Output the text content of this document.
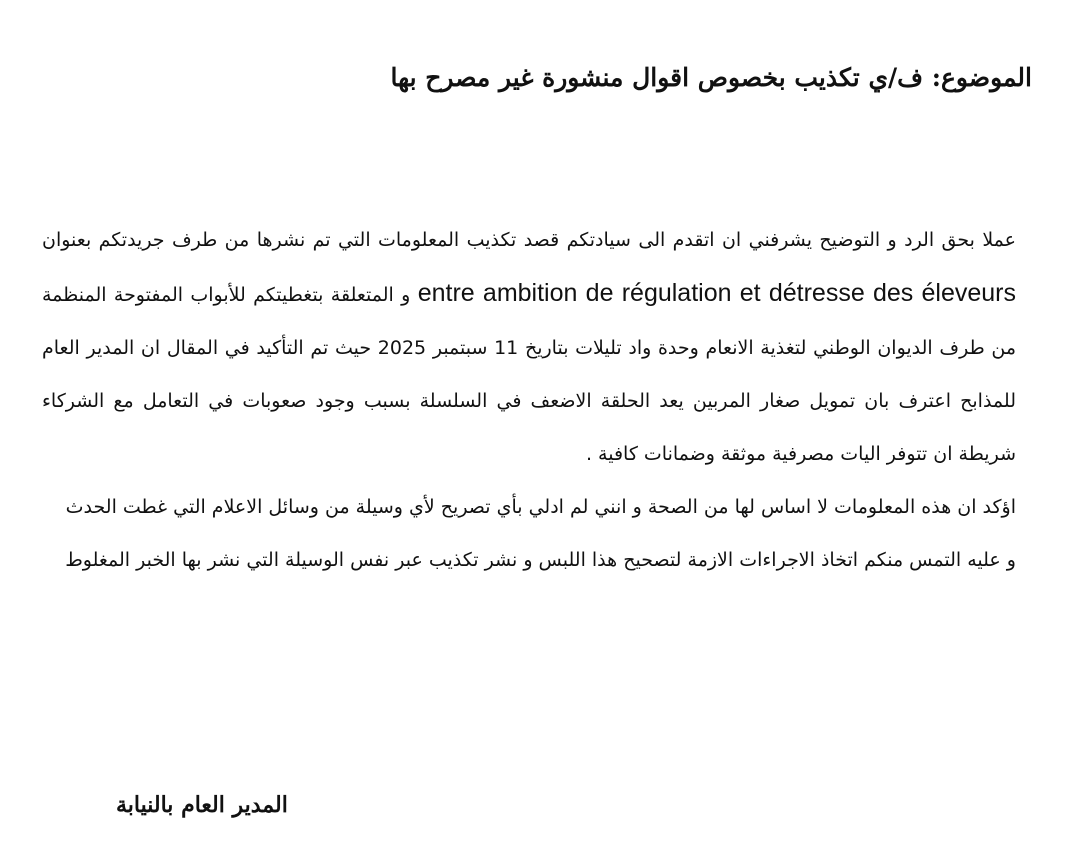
الموضوع: ف/ي تكذيب بخصوص اقوال منشورة غير مصرح بها

عملا بحق الرد و التوضيح يشرفني ان اتقدم الى سيادتكم قصد تكذيب المعلومات التي تم نشرها من طرف جريدتكم بعنوان entre ambition de régulation et détresse des éleveurs و المتعلقة بتغطيتكم للأبواب المفتوحة المنظمة من طرف الديوان الوطني لتغذية الانعام وحدة واد تليلات بتاريخ 11 سبتمبر 2025 حيث تم التأكيد في المقال ان المدير العام للمذابح اعترف بان تمويل صغار المربين يعد الحلقة الاضعف في السلسلة بسبب وجود صعوبات في التعامل مع الشركاء شريطة ان تتوفر اليات مصرفية موثقة وضمانات كافية .

اؤكد ان هذه المعلومات لا اساس لها من الصحة و انني لم ادلي بأي تصريح لأي وسيلة من وسائل الاعلام التي غطت الحدث

و عليه التمس منكم اتخاذ الاجراءات الازمة لتصحيح هذا اللبس و نشر تكذيب عبر نفس الوسيلة التي نشر بها الخبر المغلوط

المدير العام بالنيابة
